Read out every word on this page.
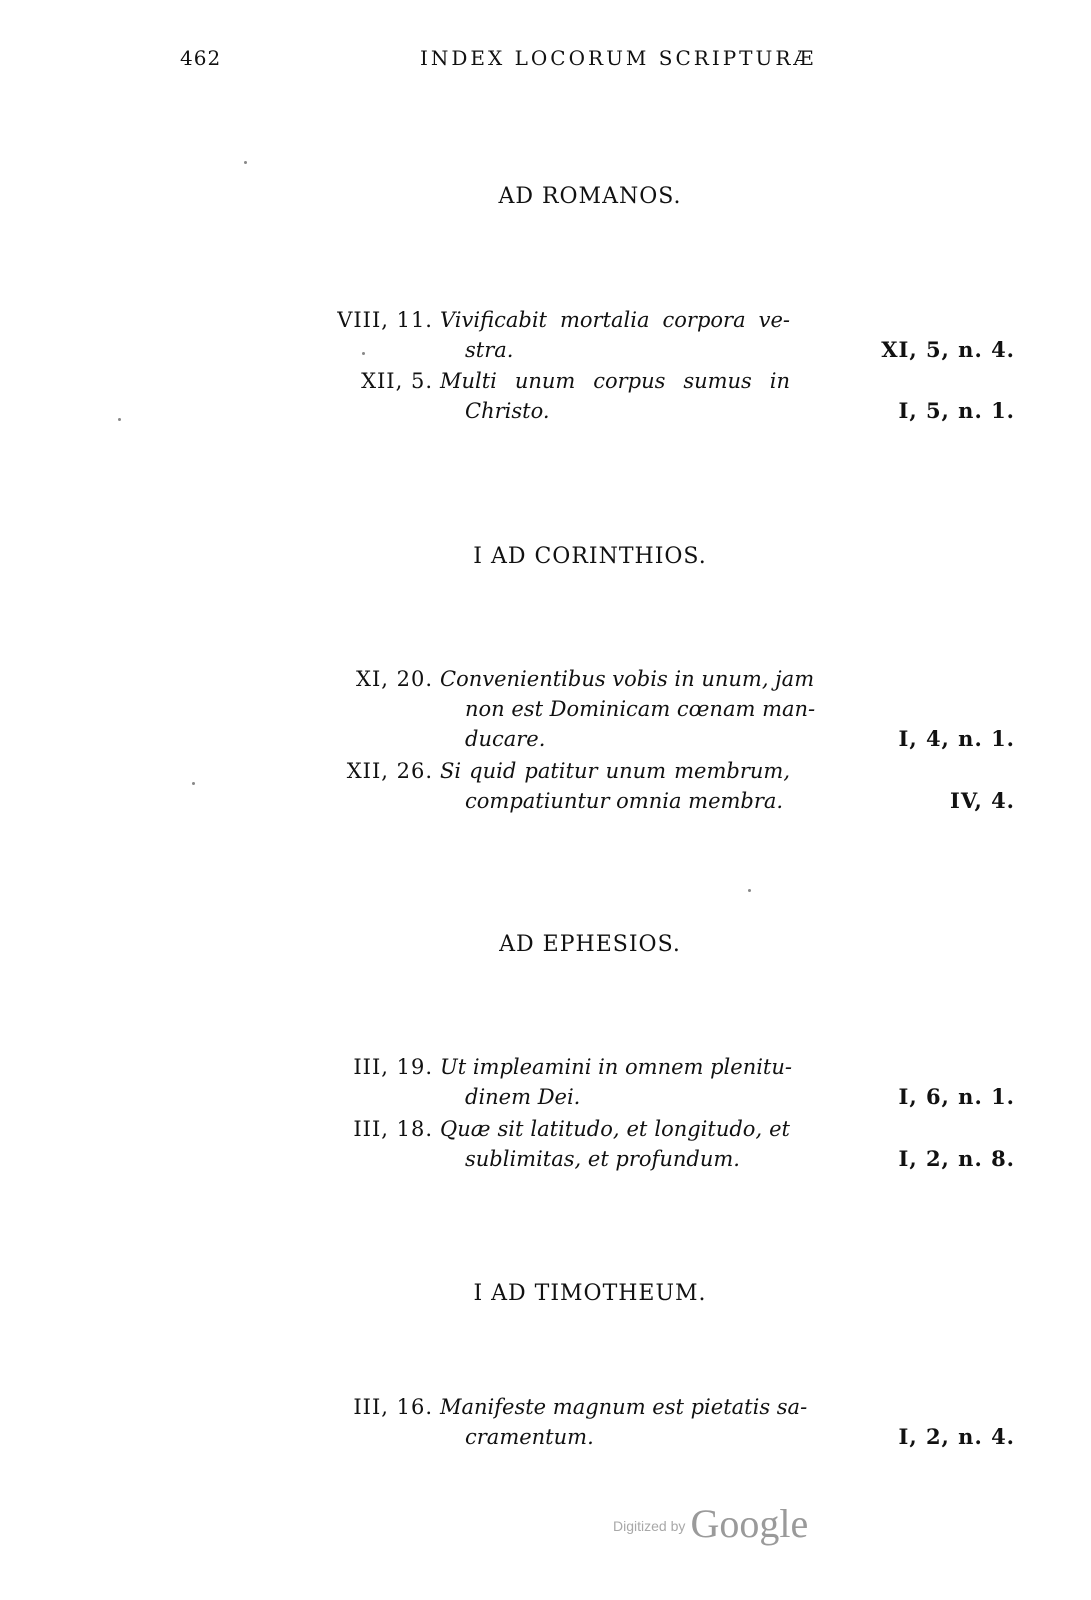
462	INDEX LOCORUM SCRIPTURÆ
AD ROMANOS.
VIII, 11. Vivificabit mortalia corpora ve-
stra.	XI, 5, n. 4.
XII, 5. Multi unum corpus sumus in
Christo.	I, 5, n. 1.
I AD CORINTHIOS.
XI, 20. Convenientibus vobis in unum, jam
non est Dominicam cœnam man-
ducare.	I, 4, n. 1.
XII, 26. Si quid patitur unum membrum,
compatiuntur omnia membra.	IV, 4.
AD EPHESIOS.
III, 19. Ut impleamini in omnem plenitu-
dinem Dei.	I, 6, n. 1.
III, 18. Quæ sit latitudo, et longitudo, et
sublimitas, et profundum.	I, 2, n. 8.
I AD TIMOTHEUM.
III, 16. Manifeste magnum est pietatis sa-
cramentum.	I, 2, n. 4.
Digitized by Google
